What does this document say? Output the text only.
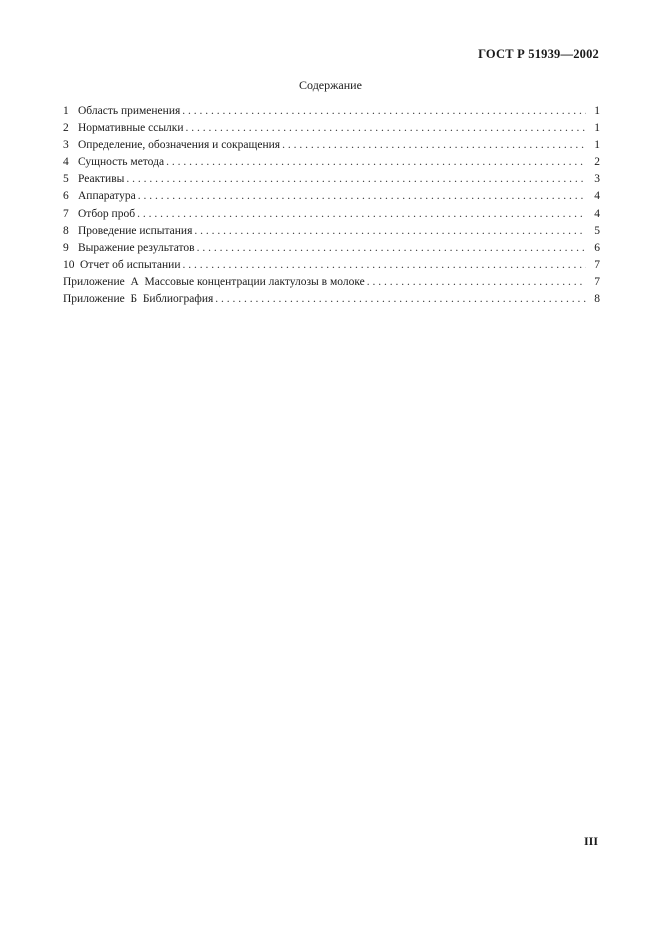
ГОСТ Р 51939—2002
Содержание
1 Область применения . . .	1
2 Нормативные ссылки . . .	1
3 Определение, обозначения и сокращения . . .	1
4 Сущность метода . . .	2
5 Реактивы . . .	3
6 Аппаратура . . .	4
7 Отбор проб . . .	4
8 Проведение испытания . . .	5
9 Выражение результатов . . .	6
10 Отчет об испытании . . .	7
Приложение  А  Массовые концентрации лактулозы в молоке . . .	7
Приложение  Б  Библиография . . .	8
III
